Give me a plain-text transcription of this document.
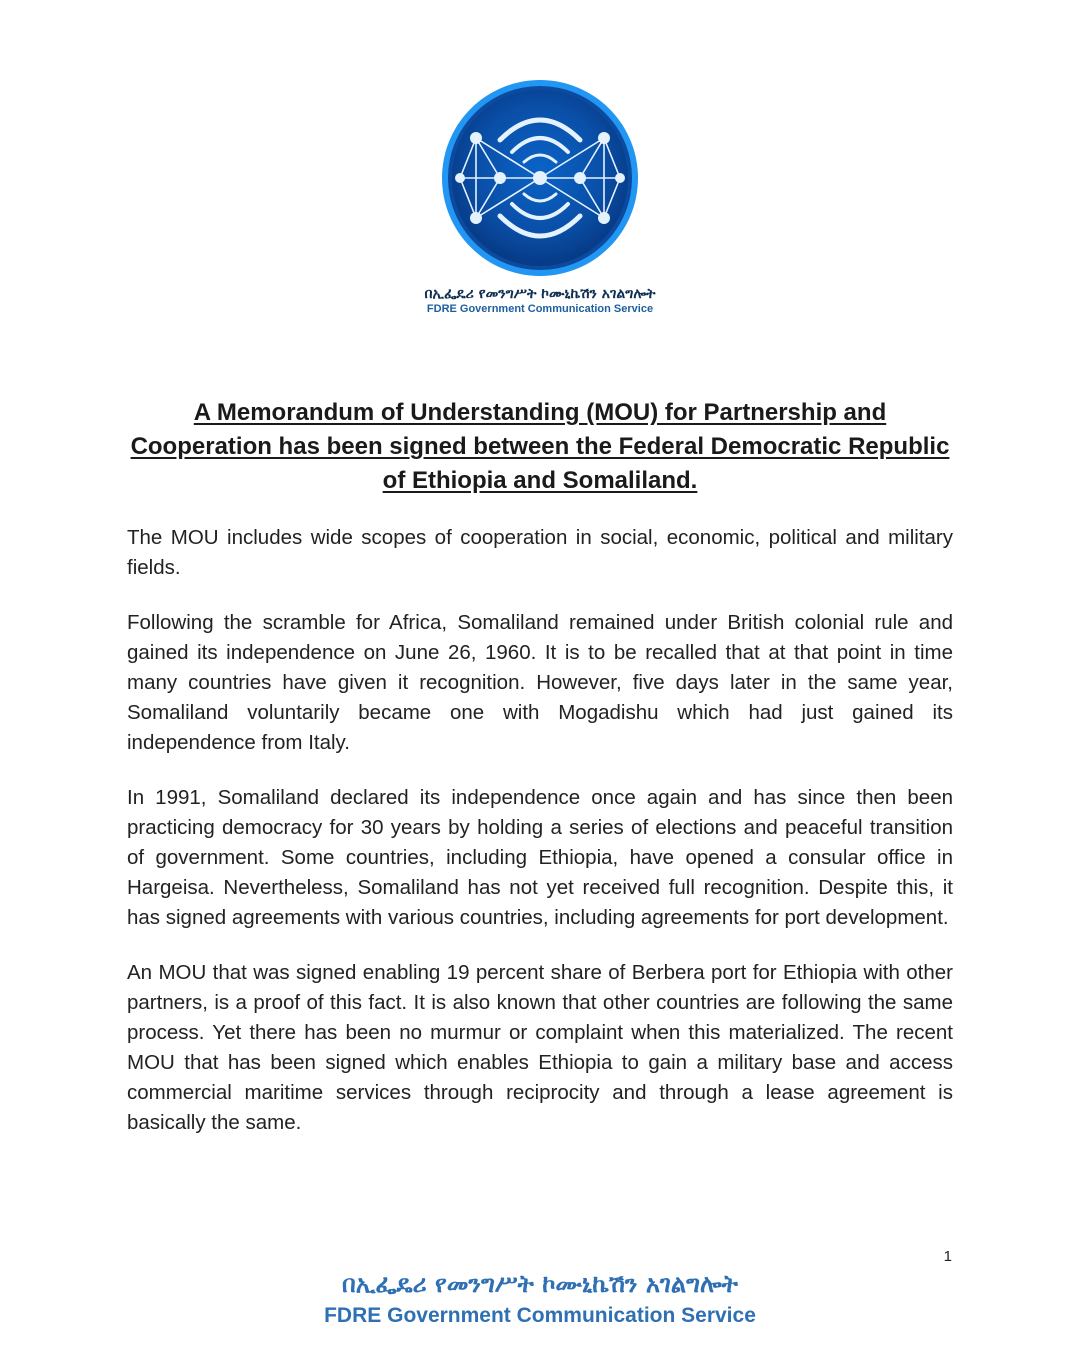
በኢፌዴሪ የመንግሥት ኮሙኒኬሽን አገልግሎት
FDRE Government Communication Service
A Memorandum of Understanding (MOU) for Partnership and Cooperation has been signed between the Federal Democratic Republic of Ethiopia and Somaliland.

The MOU includes wide scopes of cooperation in social, economic, political and military fields.

Following the scramble for Africa, Somaliland remained under British colonial rule and gained its independence on June 26, 1960. It is to be recalled that at that point in time many countries have given it recognition. However, five days later in the same year, Somaliland voluntarily became one with Mogadishu which had just gained its independence from Italy.

In 1991, Somaliland declared its independence once again and has since then been practicing democracy for 30 years by holding a series of elections and peaceful transition of government. Some countries, including Ethiopia, have opened a consular office in Hargeisa. Nevertheless, Somaliland has not yet received full recognition. Despite this, it has signed agreements with various countries, including agreements for port development.

An MOU that was signed enabling 19 percent share of Berbera port for Ethiopia with other partners, is a proof of this fact. It is also known that other countries are following the same process. Yet there has been no murmur or complaint when this materialized. The recent MOU that has been signed which enables Ethiopia to gain a military base and access commercial maritime services through reciprocity and through a lease agreement is basically the same.

1
በኢፌዴሪ የመንግሥት ኮሙኒኬሽን አገልግሎት
FDRE Government Communication Service
